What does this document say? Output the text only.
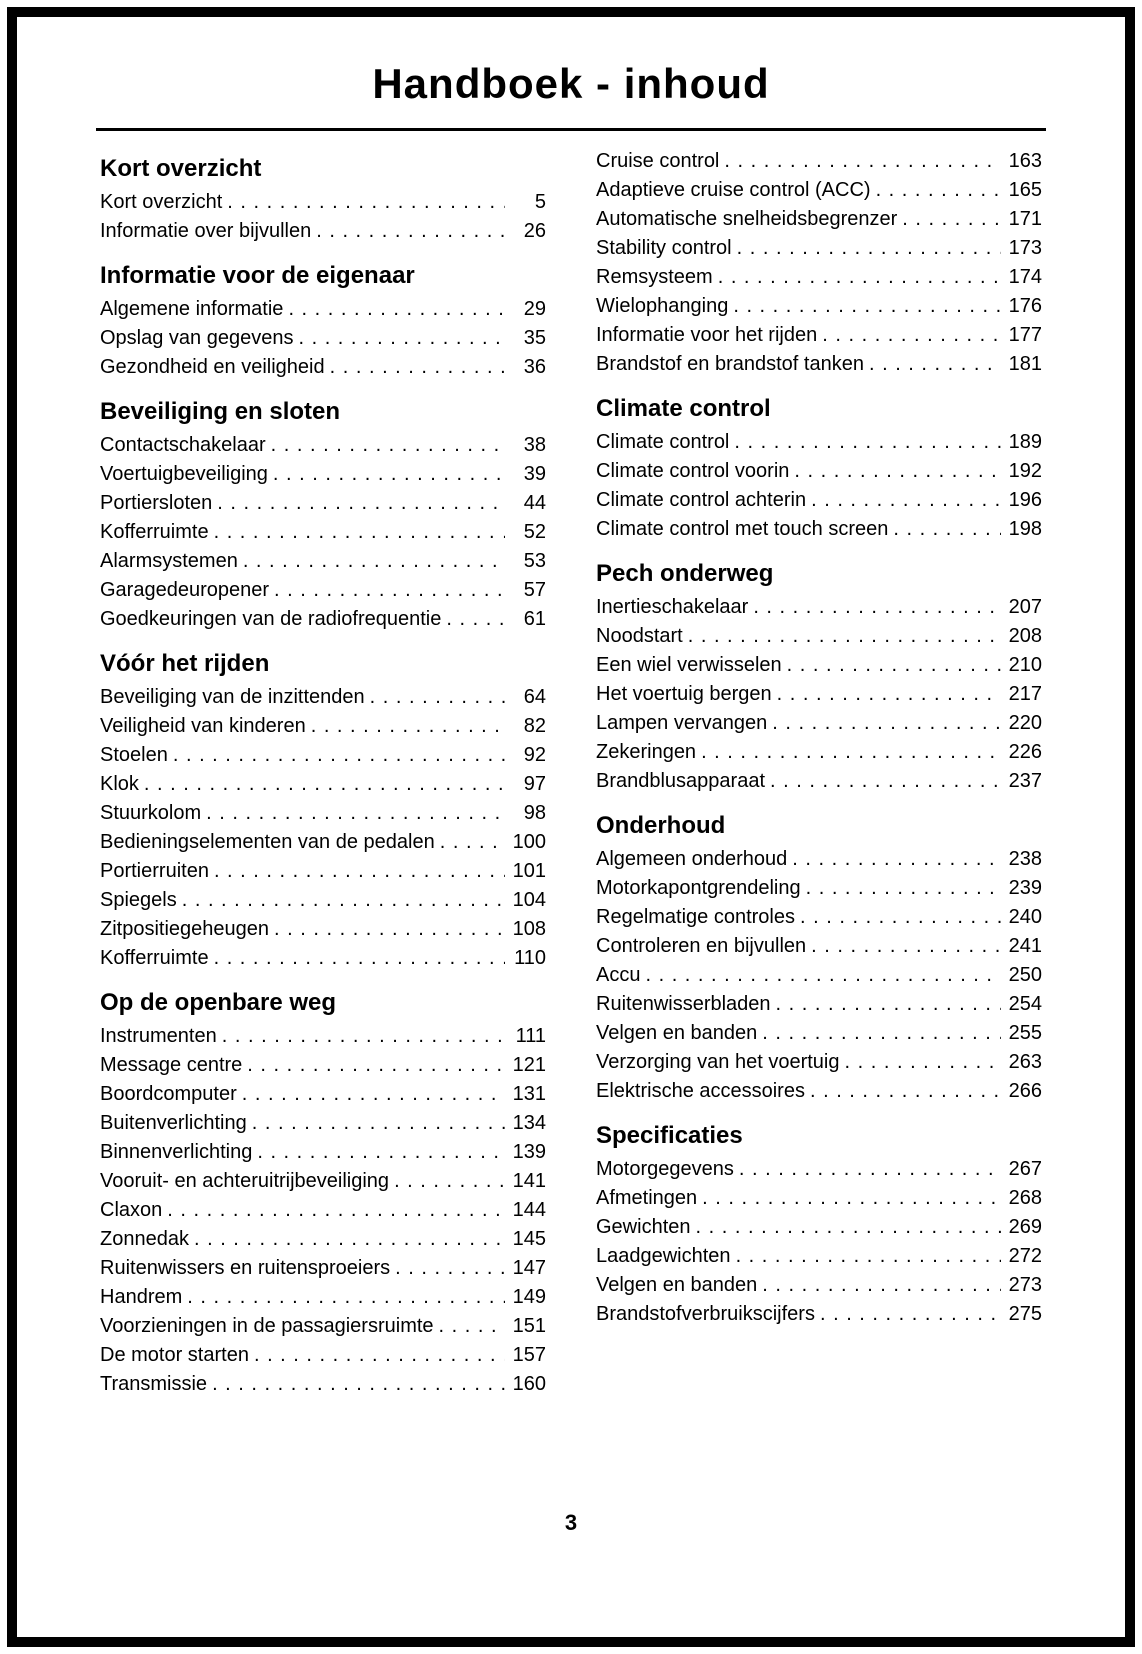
Handboek - inhoud
Kort overzicht
Kort overzicht . . .	5
Informatie over bijvullen . . .	26
Informatie voor de eigenaar
Algemene informatie . . .	29
Opslag van gegevens . . .	35
Gezondheid en veiligheid . . .	36
Beveiliging en sloten
Contactschakelaar . . .	38
Voertuigbeveiliging . . .	39
Portiersloten . . .	44
Kofferruimte . . .	52
Alarmsystemen . . .	53
Garagedeuropener . . .	57
Goedkeuringen van de radiofrequentie . . .	61
Vóór het rijden
Beveiliging van de inzittenden . . .	64
Veiligheid van kinderen . . .	82
Stoelen . . .	92
Klok . . .	97
Stuurkolom . . .	98
Bedieningselementen van de pedalen . . .	100
Portierruiten . . .	101
Spiegels . . .	104
Zitpositiegeheugen . . .	108
Kofferruimte . . .	110
Op de openbare weg
Instrumenten . . .	111
Message centre . . .	121
Boordcomputer . . .	131
Buitenverlichting . . .	134
Binnenverlichting . . .	139
Vooruit- en achteruitrijbeveiliging . . .	141
Claxon . . .	144
Zonnedak . . .	145
Ruitenwissers en ruitensproeiers . . .	147
Handrem . . .	149
Voorzieningen in de passagiersruimte . . .	151
De motor starten . . .	157
Transmissie . . .	160
Cruise control . . .	163
Adaptieve cruise control (ACC) . . .	165
Automatische snelheidsbegrenzer . . .	171
Stability control . . .	173
Remsysteem . . .	174
Wielophanging . . .	176
Informatie voor het rijden . . .	177
Brandstof en brandstof tanken . . .	181
Climate control
Climate control . . .	189
Climate control voorin . . .	192
Climate control achterin . . .	196
Climate control met touch screen . . .	198
Pech onderweg
Inertieschakelaar . . .	207
Noodstart . . .	208
Een wiel verwisselen . . .	210
Het voertuig bergen . . .	217
Lampen vervangen . . .	220
Zekeringen . . .	226
Brandblusapparaat . . .	237
Onderhoud
Algemeen onderhoud . . .	238
Motorkapontgrendeling . . .	239
Regelmatige controles . . .	240
Controleren en bijvullen . . .	241
Accu . . .	250
Ruitenwisserbladen . . .	254
Velgen en banden . . .	255
Verzorging van het voertuig . . .	263
Elektrische accessoires . . .	266
Specificaties
Motorgegevens . . .	267
Afmetingen . . .	268
Gewichten . . .	269
Laadgewichten . . .	272
Velgen en banden . . .	273
Brandstofverbruikscijfers . . .	275
3
